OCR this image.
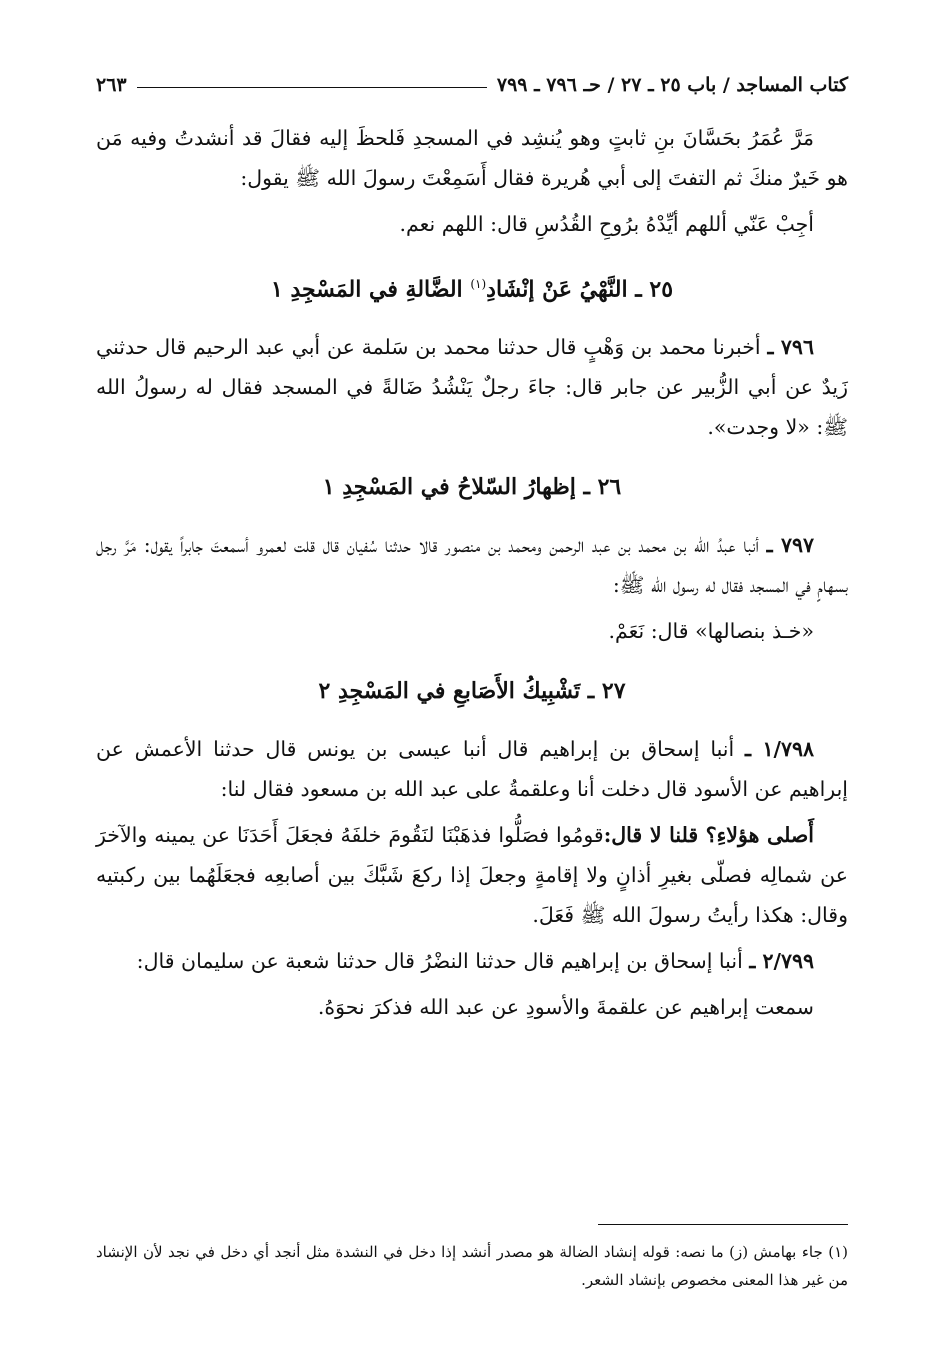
كتاب المساجد / باب ٢٥ ـ ٢٧ / حـ ٧٩٦ ـ ٧٩٩
٢٦٣

مَرَّ عُمَرُ بحَسَّانَ بنِ ثابتٍ وهو يُنشِد في المسجدِ فَلحظَ إليه فقالَ قد أنشدتُ وفيه مَن هو خَيرٌ منكَ ثم التفتَ إلى أبي هُريرة فقال أَسَمِعْتَ رسولَ الله ﷺ يقول:

أجِبْ عَنّي أللهم أيِّدْهُ برُوحِ القُدُسِ قال: اللهم نعم.

٢٥ ـ النَّهْيُ عَنْ إنْشَادِ$^{(١)}$ الضَّالةِ في المَسْجِدِ ١

٧٩٦ ـ أخبرنا محمد بن وَهْبٍ قال حدثنا محمد بن سَلمة عن أبي عبد الرحيم قال حدثني زَيدٌ عن أبي الزُّبير عن جابر قال: جاءَ رجلٌ يَنْشُدُ ضَالةً في المسجد فقال له رسولُ الله ﷺ: «لا وجدت».

٢٦ ـ إظهارُ السّلاحُ في المَسْجِدِ ١

٧٩٧ ـ أنبا عبدُ الله بن محمد بن عبد الرحمن ومحمد بن منصور قالا حدثنا سُفيان قال قلت لعمرو أسمعتَ جابراً يقول: مَرَّ رجل بسهامٍ في المسجد فقال له رسول الله ﷺ:

«خـذ بنصالها» قال: نَعَمْ.

٢٧ ـ تَشْبِيكُ الأَصَابعِ في المَسْجِدِ ٢

١/٧٩٨ ـ أنبا إسحاق بن إبراهيم قال أنبا عيسى بن يونس قال حدثنا الأعمش عن إبراهيم عن الأسود قال دخلت أنا وعلقمةُ على عبد الله بن مسعود فقال لنا:

أَصلى هؤلاءِ؟ قلنا لا قال:قومُوا فصَلُّوا فذهَبْنَا لنَقُومَ خلفَهُ فجعَلَ أَحَدَنَا عن يمينه والآخرَ عن شمالِه فصلّى بغيرِ أذانٍ ولا إقامةٍ وجعلَ إذا ركعَ شَبَّكَ بين أصابعِه فجعَلَهُما بين ركبتيه وقال: هكذا رأيتُ رسولَ الله ﷺ فَعَلَ.

٢/٧٩٩ ـ أنبا إسحاق بن إبراهيم قال حدثنا النضْرُ قال حدثنا شعبة عن سليمان قال:

سمعت إبراهيم عن علقمةَ والأسودِ عن عبد الله فذكرَ نحوَهُ.

(١) جاء بهامش (ز) ما نصه: قوله إنشاد الضالة هو مصدر أنشد إذا دخل في النشدة مثل أنجد أي دخل في نجد لأن الإنشاد من غير هذا المعنى مخصوص بإنشاد الشعر.
